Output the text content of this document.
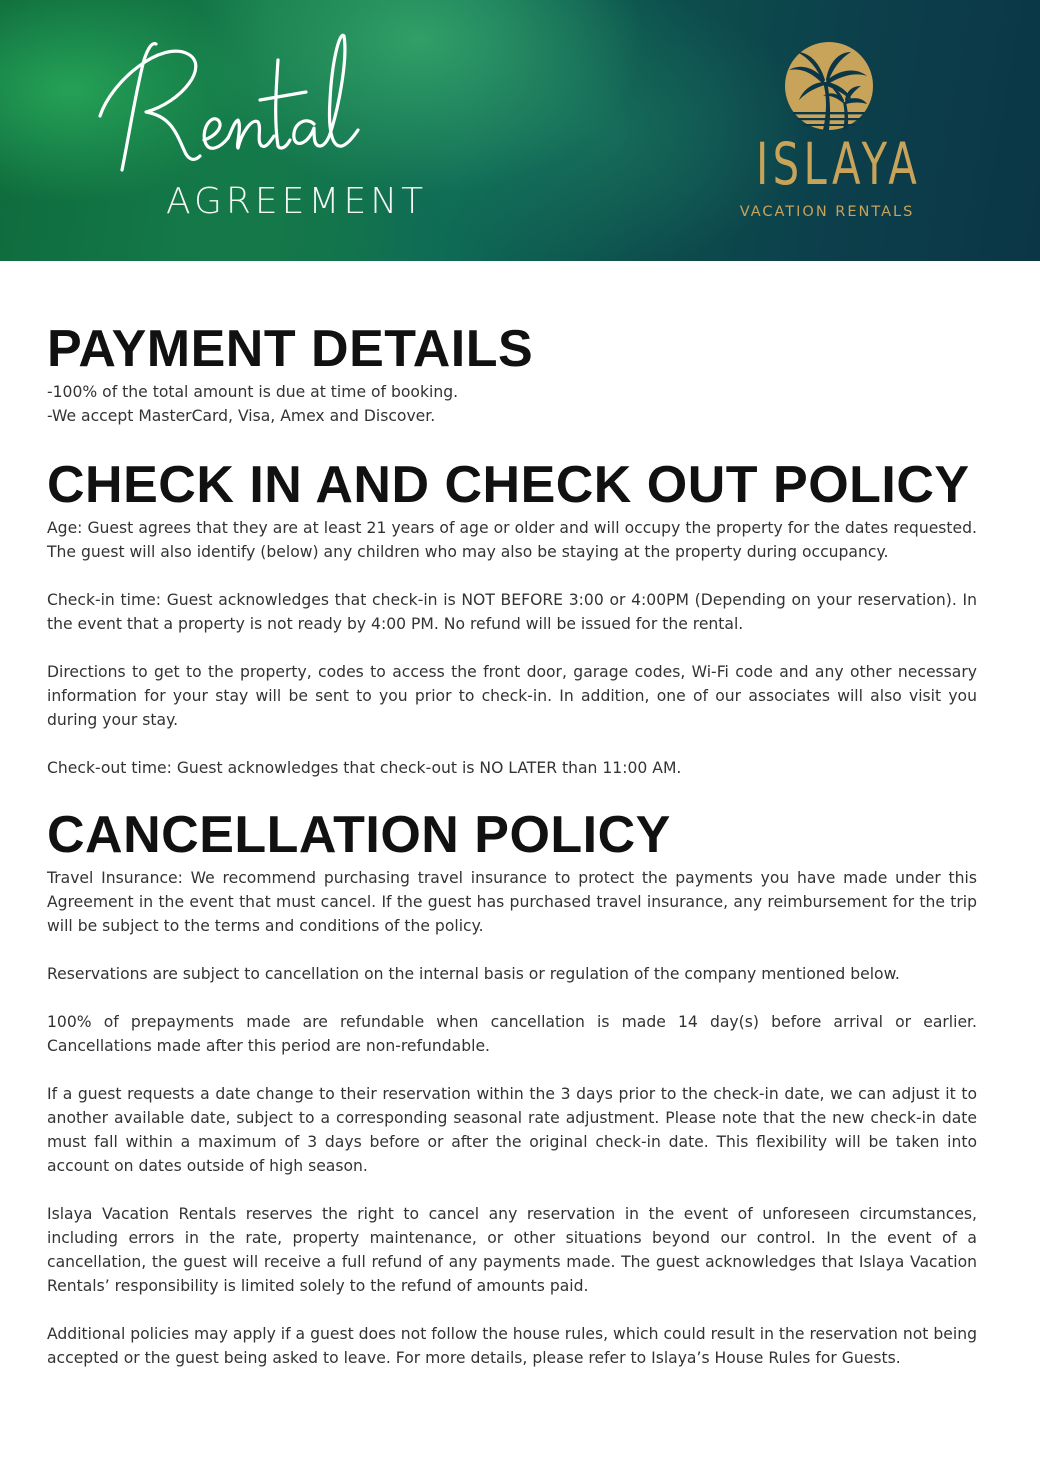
AGREEMENT
ISLAYA
VACATION RENTALS
PAYMENT DETAILS

-100% of the total amount is due at time of booking.

-We accept MasterCard, Visa, Amex and Discover.

CHECK IN AND CHECK OUT POLICY

Age: Guest agrees that they are at least 21 years of age or older and will occupy the property for the dates requested. The guest will also identify (below) any children who may also be staying at the property during occupancy.

Check-in time: Guest acknowledges that check-in is NOT BEFORE 3:00 or 4:00PM (Depending on your reservation). In the event that a property is not ready by 4:00 PM. No refund will be issued for the rental.

Directions to get to the property, codes to access the front door, garage codes, Wi-Fi code and any other necessary information for your stay will be sent to you prior to check-in. In addition, one of our associates will also visit you during your stay.

Check-out time: Guest acknowledges that check-out is NO LATER than 11:00 AM.

CANCELLATION POLICY

Travel Insurance: We recommend purchasing travel insurance to protect the payments you have made under this Agreement in the event that must cancel. If the guest has purchased travel insurance, any reimbursement for the trip will be subject to the terms and conditions of the policy.

Reservations are subject to cancellation on the internal basis or regulation of the company mentioned below.

100% of prepayments made are refundable when cancellation is made 14 day(s) before arrival or earlier. Cancellations made after this period are non-refundable.

If a guest requests a date change to their reservation within the 3 days prior to the check-in date, we can adjust it to another available date, subject to a corresponding seasonal rate adjustment. Please note that the new check-in date must fall within a maximum of 3 days before or after the original check-in date. This flexibility will be taken into account on dates outside of high season.

Islaya Vacation Rentals reserves the right to cancel any reservation in the event of unforeseen circumstances, including errors in the rate, property maintenance, or other situations beyond our control. In the event of a cancellation, the guest will receive a full refund of any payments made. The guest acknowledges that Islaya Vacation Rentals’ responsibility is limited solely to the refund of amounts paid.

Additional policies may apply if a guest does not follow the house rules, which could result in the reservation not being accepted or the guest being asked to leave. For more details, please refer to Islaya’s House Rules for Guests.
